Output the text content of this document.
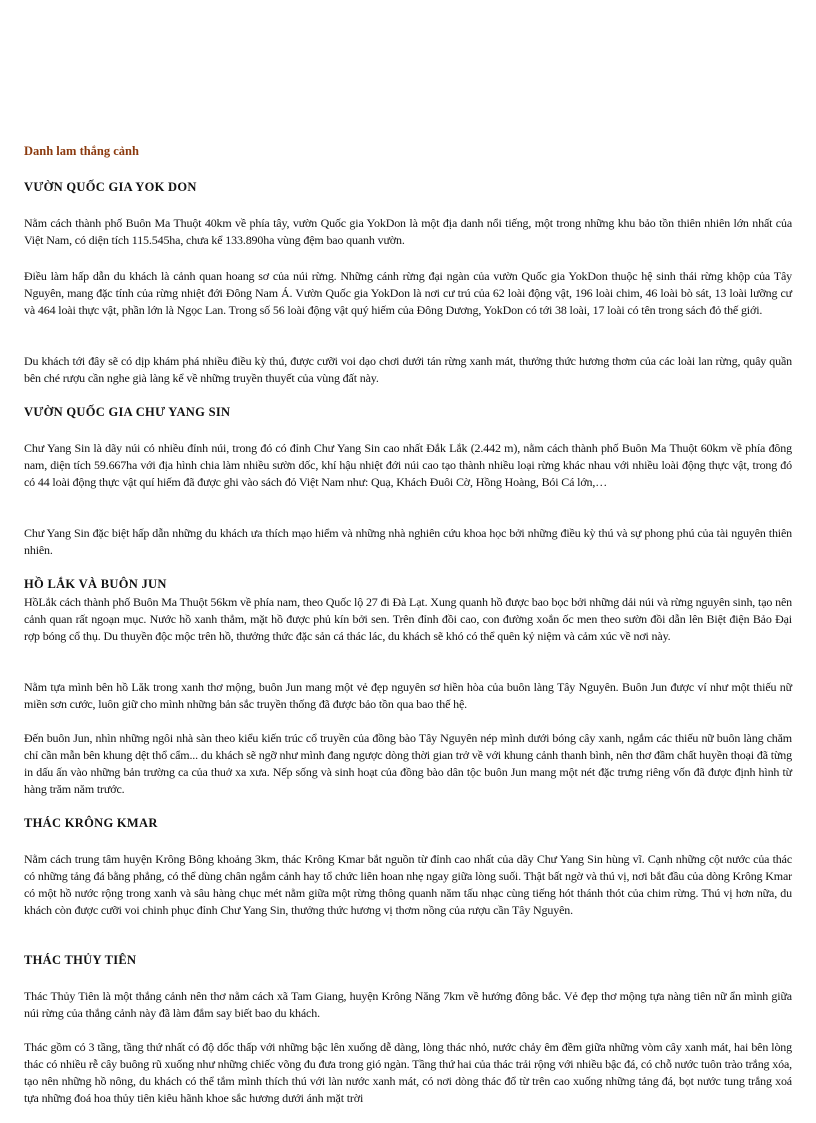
Danh lam thắng cảnh
VƯỜN QUỐC GIA YOK DON

Nằm cách thành phố Buôn Ma Thuột 40km về phía tây, vườn Quốc gia YokDon là một địa danh nổi tiếng, một trong những khu bảo tồn thiên nhiên lớn nhất của Việt Nam, có diện tích 115.545ha, chưa kể 133.890ha vùng đệm bao quanh vườn.

Điều làm hấp dẫn du khách là cảnh quan hoang sơ của núi rừng. Những cánh rừng đại ngàn của vườn Quốc gia YokDon thuộc hệ sinh thái rừng khộp của Tây Nguyên, mang đặc tính của rừng nhiệt đới Đông Nam Á. Vườn Quốc gia YokDon là nơi cư trú của 62 loài động vật, 196 loài chim, 46 loài bò sát, 13 loài lưỡng cư và 464 loài thực vật, phần lớn là Ngọc Lan. Trong số 56 loài động vật quý hiếm của Đông Dương, YokDon có tới 38 loài, 17 loài có tên trong sách đỏ thế giới.

Du khách tới đây sẽ có dịp khám phá nhiều điều kỳ thú, được cưỡi voi dạo chơi dưới tán rừng xanh mát, thưởng thức hương thơm của các loài lan rừng, quây quần bên ché rượu cần nghe già làng kể về những truyền thuyết của vùng đất này.

VƯỜN QUỐC GIA CHƯ YANG SIN

Chư Yang Sin là dãy núi có nhiều đỉnh núi, trong đó có đỉnh Chư Yang Sin cao nhất Đắk Lắk (2.442 m), nằm cách thành phố Buôn Ma Thuột 60km về phía đông nam, diện tích 59.667ha với địa hình chia làm nhiều sườn dốc, khí hậu nhiệt đới núi cao tạo thành nhiều loại rừng khác nhau với nhiều loài động thực vật, trong đó có 44 loài động thực vật quí hiếm đã được ghi vào sách đỏ Việt Nam như: Quạ, Khách Đuôi Cờ, Hồng Hoàng, Bói Cá lớn,…

Chư Yang Sin đặc biệt hấp dẫn những du khách ưa thích mạo hiểm và những nhà nghiên cứu khoa học bởi những điều kỳ thú và sự phong phú của tài nguyên thiên nhiên.

HỒ LẮK VÀ BUÔN JUN

HồLắk cách thành phố Buôn Ma Thuột 56km về phía nam, theo Quốc lộ 27 đi Đà Lạt. Xung quanh hồ được bao bọc bởi những dải núi và rừng nguyên sinh, tạo nên cảnh quan rất ngoạn mục. Nước hồ xanh thẳm, mặt hồ được phủ kín bởi sen. Trên đỉnh đồi cao, con đường xoắn ốc men theo sườn đồi dẫn lên Biệt điện Bảo Đại rợp bóng cổ thụ. Du thuyền độc mộc trên hồ, thưởng thức đặc sản cá thác lác, du khách sẽ khó có thể quên kỷ niệm và cảm xúc về nơi này.

Nằm tựa mình bên hồ Lăk trong xanh thơ mộng, buôn Jun mang một vẻ đẹp nguyên sơ hiền hòa của buôn làng Tây Nguyên. Buôn Jun được ví như một thiếu nữ miền sơn cước, luôn giữ cho mình những bản sắc truyền thống đã được bảo tồn qua bao thế hệ.

Đến buôn Jun, nhìn những ngôi nhà sàn theo kiểu kiến trúc cổ truyền của đồng bào Tây Nguyên nép mình dưới bóng cây xanh, ngắm các thiếu nữ buôn làng chăm chỉ cần mẫn bên khung dệt thổ cẩm... du khách sẽ ngỡ như mình đang ngược dòng thời gian trở về với khung cảnh thanh bình, nên thơ đầm chất huyền thoại đã từng in dấu ấn vào những bản trường ca của thuở xa xưa. Nếp sống và sinh hoạt của đồng bào dân tộc buôn Jun mang một nét đặc trưng riêng vốn đã được định hình từ hàng trăm năm trước.

THÁC KRÔNG KMAR

Nằm cách trung tâm huyện Krông Bông khoảng 3km, thác Krông Kmar bắt nguồn từ đỉnh cao nhất của dãy Chư Yang Sin hùng vĩ. Cạnh những cột nước của thác có những tảng đá bằng phẳng, có thể dùng chân ngắm cảnh hay tổ chức liên hoan nhẹ ngay giữa lòng suối. Thật bất ngờ và thú vị, nơi bắt đầu của dòng Krông Kmar có một hồ nước rộng trong xanh và sâu hàng chục mét nằm giữa một rừng thông quanh năm tấu nhạc cùng tiếng hót thánh thót của chim rừng. Thú vị hơn nữa, du khách còn được cưỡi voi chinh phục đỉnh Chư Yang Sin, thưởng thức hương vị thơm nồng của rượu cần Tây Nguyên.

THÁC THỦY TIÊN

Thác Thủy Tiên là một thắng cảnh nên thơ nằm cách xã Tam Giang, huyện Krông Năng 7km về hướng đông bắc. Vẻ đẹp thơ mộng tựa nàng tiên nữ ẩn mình giữa núi rừng của thắng cảnh này đã làm đắm say biết bao du khách.

Thác gồm có 3 tầng, tầng thứ nhất có độ dốc thấp với những bậc lên xuống dễ dàng, lòng thác nhỏ, nước chảy êm đềm giữa những vòm cây xanh mát, hai bên lòng thác có nhiều rễ cây buông rũ xuống như những chiếc võng đu đưa trong gió ngàn. Tầng thứ hai của thác trải rộng với nhiều bậc đá, có chỗ nước tuôn trào trắng xóa, tạo nên những hồ nông, du khách có thể tắm mình thích thú với làn nước xanh mát, có nơi dòng thác đổ từ trên cao xuống những tảng đá, bọt nước tung trắng xoá tựa những đoá hoa thủy tiên kiêu hãnh khoe sắc hương dưới ánh mặt trời
